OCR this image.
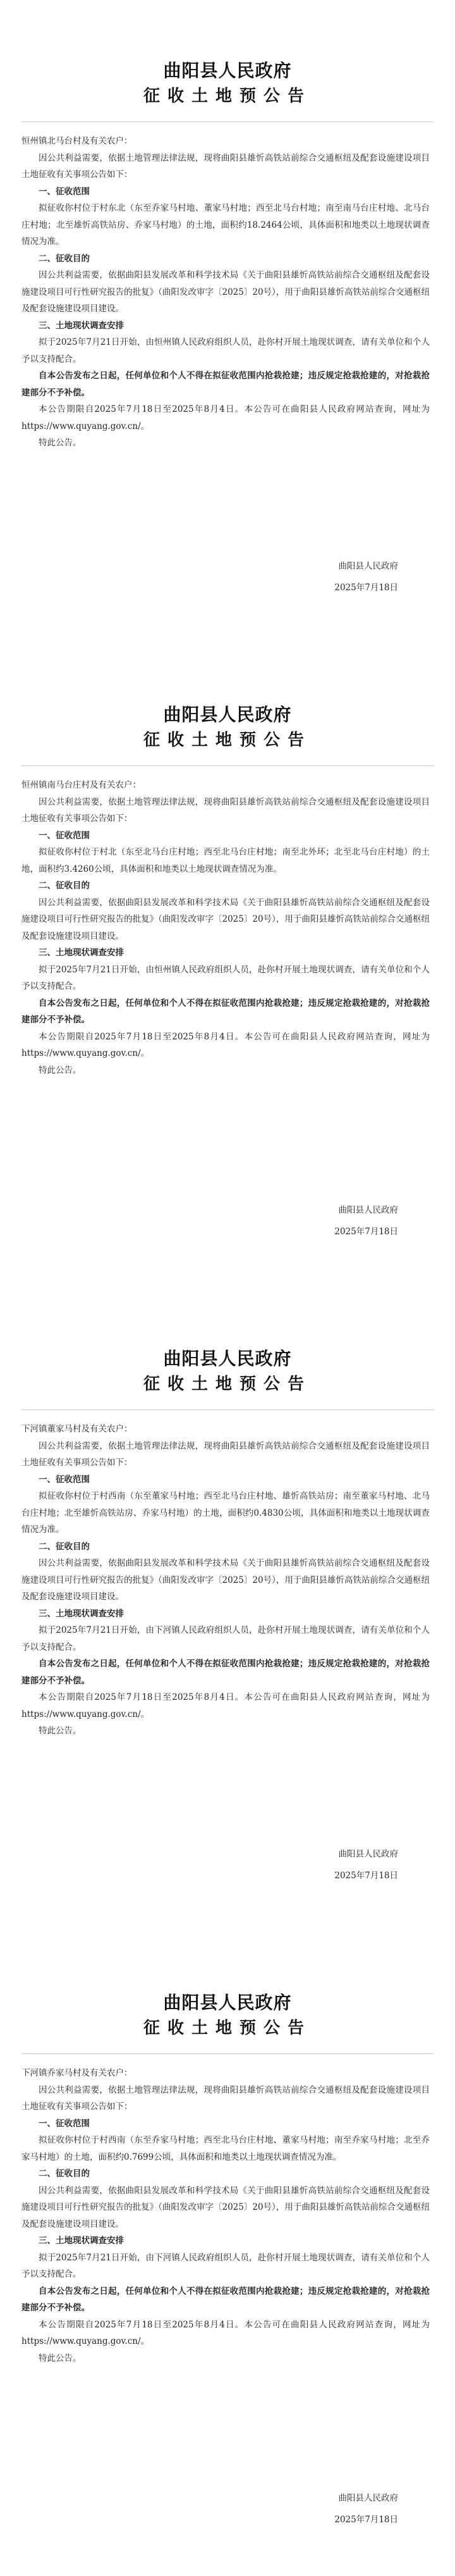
曲阳县人民政府
征收土地预公告

恒州镇北马台村及有关农户：

因公共利益需要，依据土地管理法律法规，现将曲阳县雄忻高铁站前综合交通枢纽及配套设施建设项目土地征收有关事项公告如下：

一、征收范围

拟征收你村位于村东北（东至乔家马村地、董家马村地；西至北马台村地；南至南马台庄村地、北马台庄村地；北至雄忻高铁站房、乔家马村地）的土地，面积约18.2464公顷，具体面积和地类以土地现状调查情况为准。

二、征收目的

因公共利益需要，依据曲阳县发展改革和科学技术局《关于曲阳县雄忻高铁站前综合交通枢纽及配套设施建设项目可行性研究报告的批复》（曲阳发改审字〔2025〕20号），用于曲阳县雄忻高铁站前综合交通枢纽及配套设施建设项目建设。

三、土地现状调查安排

拟于2025年7月21日开始，由恒州镇人民政府组织人员，赴你村开展土地现状调查，请有关单位和个人予以支持配合。

自本公告发布之日起，任何单位和个人不得在拟征收范围内抢栽抢建；违反规定抢栽抢建的，对抢栽抢建部分不予补偿。

本公告期限自2025年7月18日至2025年8月4日。本公告可在曲阳县人民政府网站查询，网址为https://www.quyang.gov.cn/。

特此公告。

曲阳县人民政府
2025年7月18日
曲阳县人民政府
征收土地预公告

恒州镇南马台庄村及有关农户：

因公共利益需要，依据土地管理法律法规，现将曲阳县雄忻高铁站前综合交通枢纽及配套设施建设项目土地征收有关事项公告如下：

一、征收范围

拟征收你村位于村北（东至北马台庄村地；西至北马台庄村地；南至北外环；北至北马台庄村地）的土地，面积约3.4260公顷，具体面积和地类以土地现状调查情况为准。

二、征收目的

因公共利益需要，依据曲阳县发展改革和科学技术局《关于曲阳县雄忻高铁站前综合交通枢纽及配套设施建设项目可行性研究报告的批复》（曲阳发改审字〔2025〕20号），用于曲阳县雄忻高铁站前综合交通枢纽及配套设施建设项目建设。

三、土地现状调查安排

拟于2025年7月21日开始，由恒州镇人民政府组织人员，赴你村开展土地现状调查，请有关单位和个人予以支持配合。

自本公告发布之日起，任何单位和个人不得在拟征收范围内抢栽抢建；违反规定抢栽抢建的，对抢栽抢建部分不予补偿。

本公告期限自2025年7月18日至2025年8月4日。本公告可在曲阳县人民政府网站查询，网址为https://www.quyang.gov.cn/。

特此公告。

曲阳县人民政府
2025年7月18日
曲阳县人民政府
征收土地预公告

下河镇董家马村及有关农户：

因公共利益需要，依据土地管理法律法规，现将曲阳县雄忻高铁站前综合交通枢纽及配套设施建设项目土地征收有关事项公告如下：

一、征收范围

拟征收你村位于村西南（东至董家马村地；西至北马台庄村地、雄忻高铁站房；南至董家马村地、北马台庄村地；北至雄忻高铁站房、乔家马村地）的土地，面积约0.4830公顷，具体面积和地类以土地现状调查情况为准。

二、征收目的

因公共利益需要，依据曲阳县发展改革和科学技术局《关于曲阳县雄忻高铁站前综合交通枢纽及配套设施建设项目可行性研究报告的批复》（曲阳发改审字〔2025〕20号），用于曲阳县雄忻高铁站前综合交通枢纽及配套设施建设项目建设。

三、土地现状调查安排

拟于2025年7月21日开始，由下河镇人民政府组织人员，赴你村开展土地现状调查，请有关单位和个人予以支持配合。

自本公告发布之日起，任何单位和个人不得在拟征收范围内抢栽抢建；违反规定抢栽抢建的，对抢栽抢建部分不予补偿。

本公告期限自2025年7月18日至2025年8月4日。本公告可在曲阳县人民政府网站查询，网址为https://www.quyang.gov.cn/。

特此公告。

曲阳县人民政府
2025年7月18日
曲阳县人民政府
征收土地预公告

下河镇乔家马村及有关农户：

因公共利益需要，依据土地管理法律法规，现将曲阳县雄忻高铁站前综合交通枢纽及配套设施建设项目土地征收有关事项公告如下：

一、征收范围

拟征收你村位于村西南（东至乔家马村地；西至北马台庄村地、董家马村地；南至乔家马村地；北至乔家马村地）的土地，面积约0.7699公顷，具体面积和地类以土地现状调查情况为准。

二、征收目的

因公共利益需要，依据曲阳县发展改革和科学技术局《关于曲阳县雄忻高铁站前综合交通枢纽及配套设施建设项目可行性研究报告的批复》（曲阳发改审字〔2025〕20号），用于曲阳县雄忻高铁站前综合交通枢纽及配套设施建设项目建设。

三、土地现状调查安排

拟于2025年7月21日开始，由下河镇人民政府组织人员，赴你村开展土地现状调查，请有关单位和个人予以支持配合。

自本公告发布之日起，任何单位和个人不得在拟征收范围内抢栽抢建；违反规定抢栽抢建的，对抢栽抢建部分不予补偿。

本公告期限自2025年7月18日至2025年8月4日。本公告可在曲阳县人民政府网站查询，网址为https://www.quyang.gov.cn/。

特此公告。

曲阳县人民政府
2025年7月18日
